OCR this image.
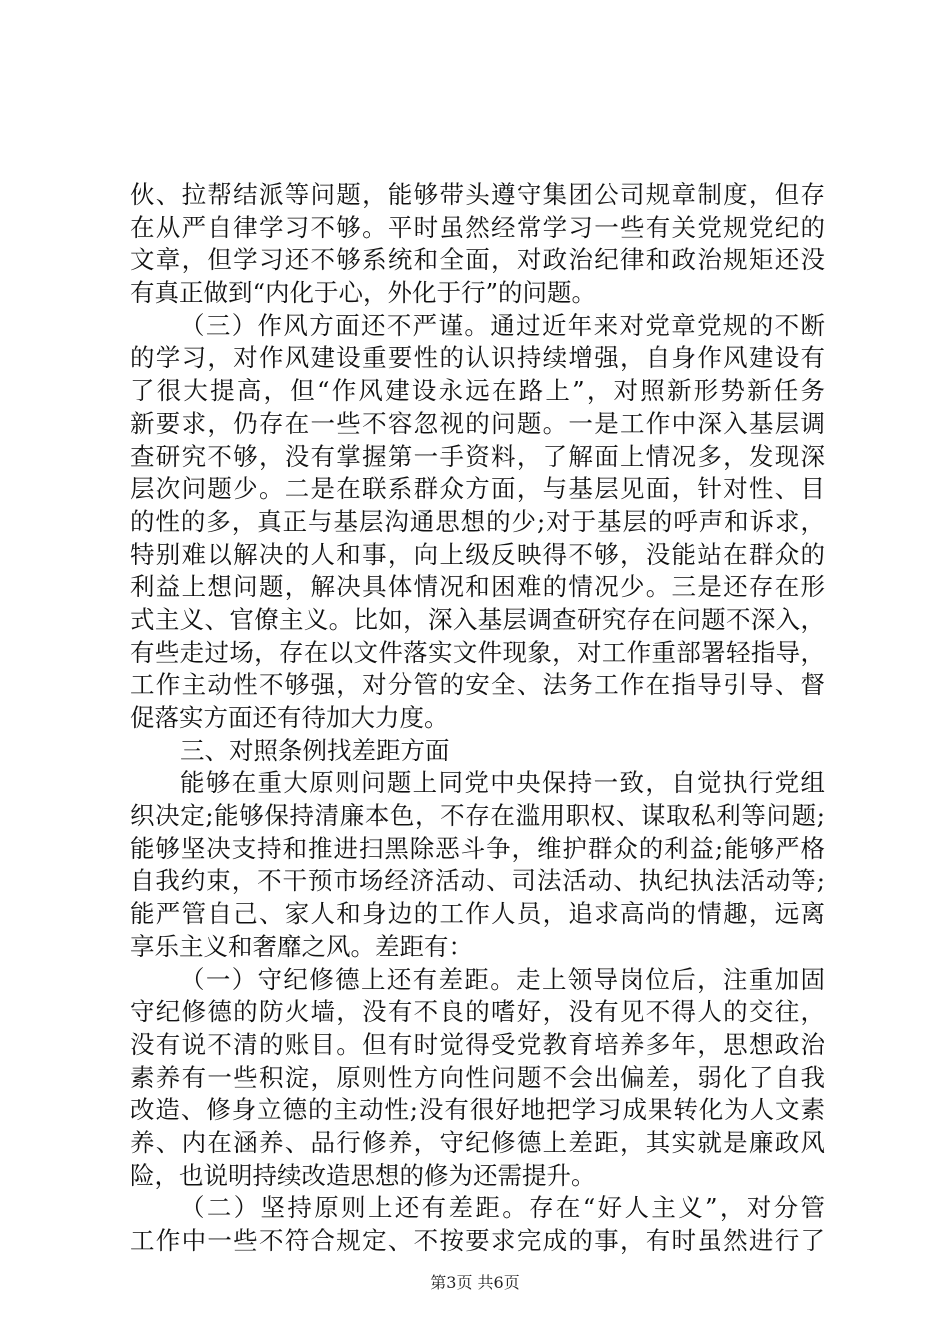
伙、拉帮结派等问题，能够带头遵守集团公司规章制度，但存
在从严自律学习不够。平时虽然经常学习一些有关党规党纪的
文章，但学习还不够系统和全面，对政治纪律和政治规矩还没
有真正做到“内化于心，外化于行”的问题。
（三）作风方面还不严谨。通过近年来对党章党规的不断
的学习，对作风建设重要性的认识持续增强，自身作风建设有
了很大提高，但“作风建设永远在路上”，对照新形势新任务
新要求，仍存在一些不容忽视的问题。一是工作中深入基层调
查研究不够，没有掌握第一手资料，了解面上情况多，发现深
层次问题少。二是在联系群众方面，与基层见面，针对性、目
的性的多，真正与基层沟通思想的少;对于基层的呼声和诉求，
特别难以解决的人和事，向上级反映得不够，没能站在群众的
利益上想问题，解决具体情况和困难的情况少。三是还存在形
式主义、官僚主义。比如，深入基层调查研究存在问题不深入，
有些走过场，存在以文件落实文件现象，对工作重部署轻指导，
工作主动性不够强，对分管的安全、法务工作在指导引导、督
促落实方面还有待加大力度。
三、对照条例找差距方面
能够在重大原则问题上同党中央保持一致，自觉执行党组
织决定;能够保持清廉本色，不存在滥用职权、谋取私利等问题;
能够坚决支持和推进扫黑除恶斗争，维护群众的利益;能够严格
自我约束，不干预市场经济活动、司法活动、执纪执法活动等;
能严管自己、家人和身边的工作人员，追求高尚的情趣，远离
享乐主义和奢靡之风。差距有：
（一）守纪修德上还有差距。走上领导岗位后，注重加固
守纪修德的防火墙，没有不良的嗜好，没有见不得人的交往，
没有说不清的账目。但有时觉得受党教育培养多年，思想政治
素养有一些积淀，原则性方向性问题不会出偏差，弱化了自我
改造、修身立德的主动性;没有很好地把学习成果转化为人文素
养、内在涵养、品行修养，守纪修德上差距，其实就是廉政风
险，也说明持续改造思想的修为还需提升。
（二）坚持原则上还有差距。存在“好人主义”，对分管
工作中一些不符合规定、不按要求完成的事，有时虽然进行了
第3页 共6页
